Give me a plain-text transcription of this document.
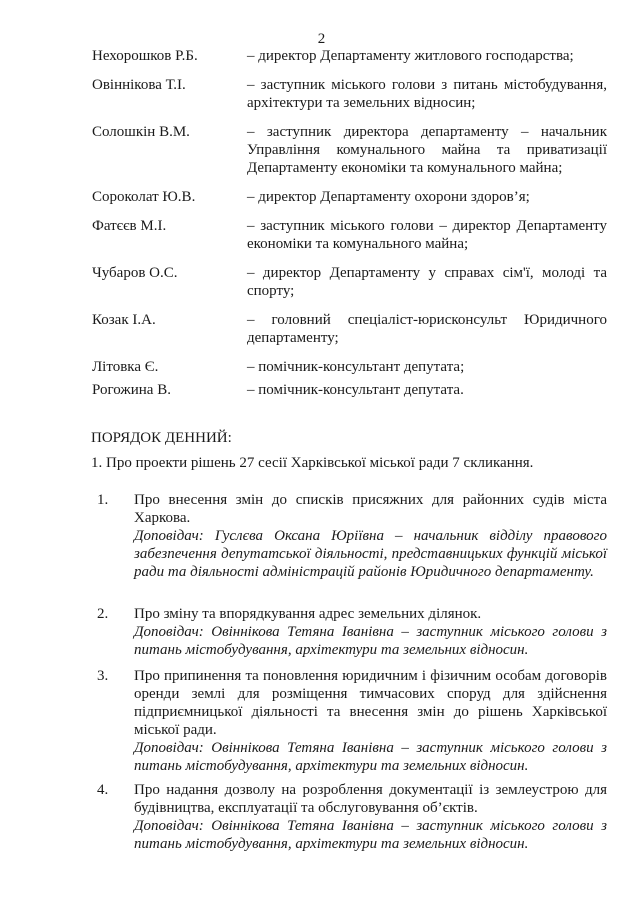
2
Нехорошков Р.Б.	– директор Департаменту житлового господарства;
Овіннікова Т.І.	– заступник міського голови з питань містобудування, архітектури та земельних відносин;
Солошкін В.М.	– заступник директора департаменту – начальник Управління комунального майна та приватизації Департаменту економіки та комунального майна;
Сороколат Ю.В.	– директор Департаменту охорони здоров’я;
Фатєєв М.І.	– заступник міського голови – директор Департаменту економіки та комунального майна;
Чубаров О.С.	– директор Департаменту у справах сім'ї, молоді та спорту;
Козак І.А.	– головний спеціаліст-юрисконсульт Юридичного департаменту;
Літовка Є.	– помічник-консультант депутата;
Рогожина В.	– помічник-консультант депутата.
ПОРЯДОК ДЕННИЙ:
1. Про проекти рішень 27 сесії Харківської міської ради 7 скликання.
1.	Про внесення змін до списків присяжних для районних судів міста Харкова.
Доповідач: Гуслєва Оксана Юріївна – начальник відділу правового забезпечення депутатської діяльності, представницьких функцій міської ради та діяльності адміністрацій районів Юридичного департаменту.
2.	Про зміну та впорядкування адрес земельних ділянок.
Доповідач: Овіннікова Тетяна Іванівна – заступник міського голови з питань містобудування, архітектури та земельних відносин.
3.	Про припинення та поновлення юридичним і фізичним особам договорів оренди землі для розміщення тимчасових споруд для здійснення підприємницької діяльності та внесення змін до рішень Харківської міської ради.
Доповідач: Овіннікова Тетяна Іванівна – заступник міського голови з питань містобудування, архітектури та земельних відносин.
4.	Про надання дозволу на розроблення документації із землеустрою для будівництва, експлуатації та обслуговування об’єктів.
Доповідач: Овіннікова Тетяна Іванівна – заступник міського голови з питань містобудування, архітектури та земельних відносин.
